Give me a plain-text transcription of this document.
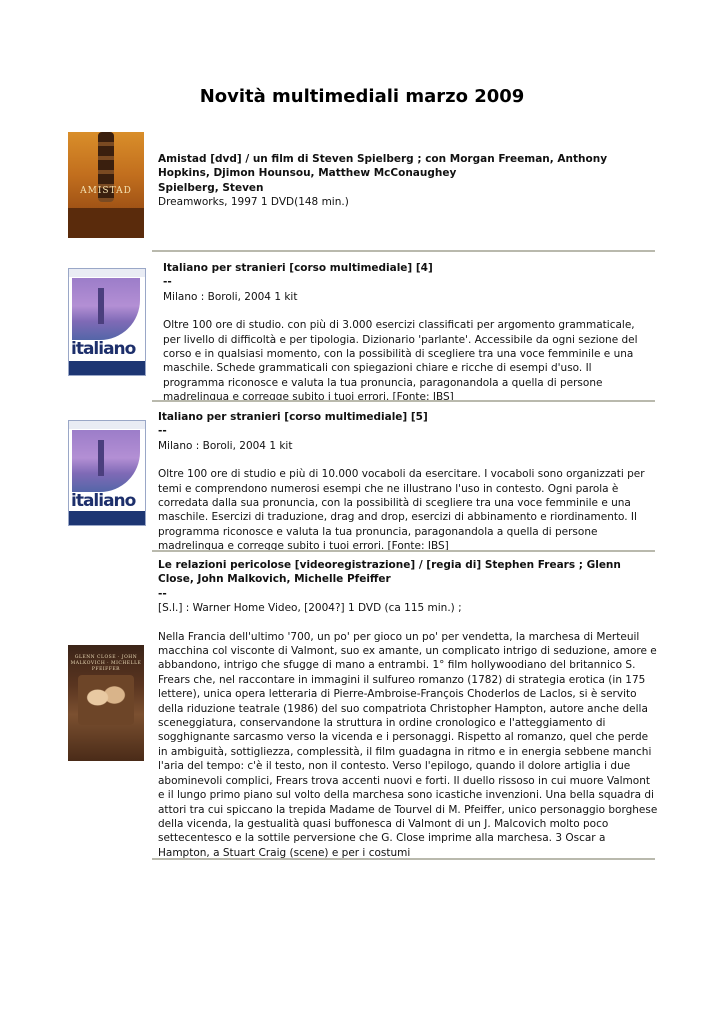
Novità multimediali marzo 2009
AMISTAD

Amistad [dvd] / un film di Steven Spielberg ; con Morgan Freeman, Anthony Hopkins, Djimon Hounsou, Matthew McConaughey

Spielberg, Steven

Dreamworks, 1997 1 DVD(148 min.)

italiano

Italiano per stranieri [corso multimediale] [4]

--

Milano : Boroli, 2004 1 kit

Oltre 100 ore di studio. con più di 3.000 esercizi classificati per argomento grammaticale, per livello di difficoltà e per tipologia. Dizionario 'parlante'. Accessibile da ogni sezione del corso e in qualsiasi momento, con la possibilità di scegliere tra una voce femminile e una maschile. Schede grammaticali con spiegazioni chiare e ricche di esempi d'uso. Il programma riconosce e valuta la tua pronuncia, paragonandola a quella di persone madrelingua e corregge subito i tuoi errori. [Fonte: IBS]

italiano

Italiano per stranieri [corso multimediale] [5]

--

Milano : Boroli, 2004 1 kit

Oltre 100 ore di studio e più di 10.000 vocaboli da esercitare. I vocaboli sono organizzati per temi e comprendono numerosi esempi che ne illustrano l'uso in contesto. Ogni parola è corredata dalla sua pronuncia, con la possibilità di scegliere tra una voce femminile e una maschile. Esercizi di traduzione, drag and drop, esercizi di abbinamento e riordinamento. Il programma riconosce e valuta la tua pronuncia, paragonandola a quella di persone madrelingua e corregge subito i tuoi errori. [Fonte: IBS]

GLENN CLOSE · JOHN MALKOVICH · MICHELLE PFEIFFER

Le relazioni pericolose [videoregistrazione] / [regia di] Stephen Frears ; Glenn Close, John Malkovich, Michelle Pfeiffer

--

[S.l.] : Warner Home Video, [2004?] 1 DVD (ca 115 min.) ;

Nella Francia dell'ultimo '700, un po' per gioco un po' per vendetta, la marchesa di Merteuil macchina col visconte di Valmont, suo ex amante, un complicato intrigo di seduzione, amore e abbandono, intrigo che sfugge di mano a entrambi. 1° film hollywoodiano del britannico S. Frears che, nel raccontare in immagini il sulfureo romanzo (1782) di strategia erotica (in 175 lettere), unica opera letteraria di Pierre-Ambroise-François Choderlos de Laclos, si è servito della riduzione teatrale (1986) del suo compatriota Christopher Hampton, autore anche della sceneggiatura, conservandone la struttura in ordine cronologico e l'atteggiamento di sogghignante sarcasmo verso la vicenda e i personaggi. Rispetto al romanzo, quel che perde in ambiguità, sottigliezza, complessità, il film guadagna in ritmo e in energia sebbene manchi l'aria del tempo: c'è il testo, non il contesto. Verso l'epilogo, quando il dolore artiglia i due abominevoli complici, Frears trova accenti nuovi e forti. Il duello rissoso in cui muore Valmont e il lungo primo piano sul volto della marchesa sono icastiche invenzioni. Una bella squadra di attori tra cui spiccano la trepida Madame de Tourvel di M. Pfeiffer, unico personaggio borghese della vicenda, la gestualità quasi buffonesca di Valmont di un J. Malcovich molto poco settecentesco e la sottile perversione che G. Close imprime alla marchesa. 3 Oscar a Hampton, a Stuart Craig (scene) e per i costumi
